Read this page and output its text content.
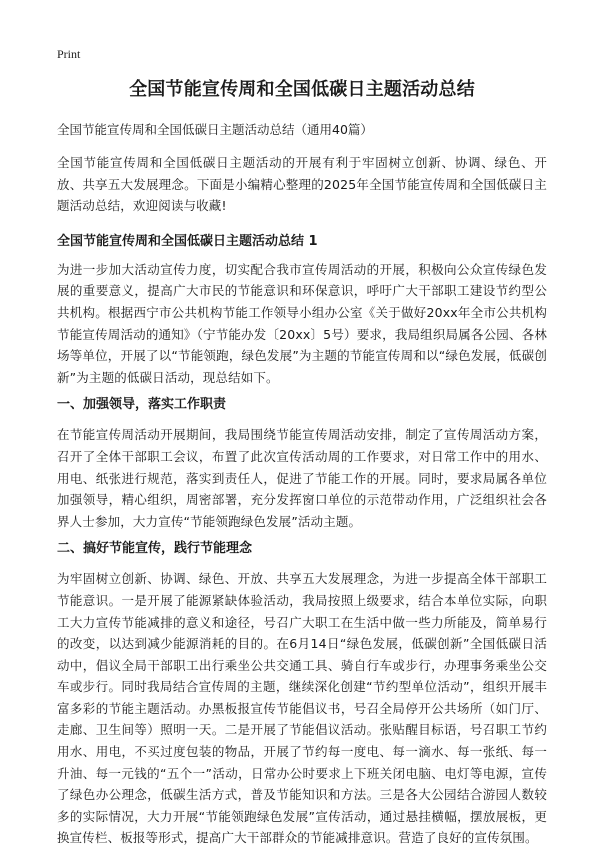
Print
全国节能宣传周和全国低碳日主题活动总结
全国节能宣传周和全国低碳日主题活动总结（通用40篇）

全国节能宣传周和全国低碳日主题活动的开展有利于牢固树立创新、协调、绿色、开放、共享五大发展理念。下面是小编精心整理的2025年全国节能宣传周和全国低碳日主题活动总结，欢迎阅读与收藏!

全国节能宣传周和全国低碳日主题活动总结 1

为进一步加大活动宣传力度，切实配合我市宣传周活动的开展，积极向公众宣传绿色发展的重要意义，提高广大市民的节能意识和环保意识，呼吁广大干部职工建设节约型公共机构。根据西宁市公共机构节能工作领导小组办公室《关于做好20xx年全市公共机构节能宣传周活动的通知》（宁节能办发〔20xx〕5号）要求，我局组织局属各公园、各林场等单位，开展了以“节能领跑，绿色发展”为主题的节能宣传周和以“绿色发展，低碳创新”为主题的低碳日活动，现总结如下。

一、加强领导，落实工作职责

在节能宣传周活动开展期间，我局围绕节能宣传周活动安排，制定了宣传周活动方案，召开了全体干部职工会议，布置了此次宣传活动周的工作要求，对日常工作中的用水、用电、纸张进行规范，落实到责任人，促进了节能工作的开展。同时，要求局属各单位加强领导，精心组织，周密部署，充分发挥窗口单位的示范带动作用，广泛组织社会各界人士参加，大力宣传“节能领跑绿色发展”活动主题。

二、搞好节能宣传，践行节能理念

为牢固树立创新、协调、绿色、开放、共享五大发展理念，为进一步提高全体干部职工节能意识。一是开展了能源紧缺体验活动，我局按照上级要求，结合本单位实际，向职工大力宣传节能减排的意义和途径，号召广大职工在生活中做一些力所能及，简单易行的改变，以达到减少能源消耗的目的。在6月14日“绿色发展，低碳创新”全国低碳日活动中，倡议全局干部职工出行乘坐公共交通工具、骑自行车或步行，办理事务乘坐公交车或步行。同时我局结合宣传周的主题，继续深化创建“节约型单位活动”，组织开展丰富多彩的节能主题活动。办黑板报宣传节能倡议书，号召全局停开公共场所（如门厅、走廊、卫生间等）照明一天。二是开展了节能倡议活动。张贴醒目标语，号召职工节约用水、用电，不买过度包装的物品，开展了节约每一度电、每一滴水、每一张纸、每一升油、每一元钱的“五个一”活动，日常办公时要求上下班关闭电脑、电灯等电源，宣传了绿色办公理念，低碳生活方式，普及节能知识和方法。三是各大公园结合游园人数较多的实际情况，大力开展“节能领跑绿色发展”宣传活动，通过悬挂横幅，摆放展板，更换宣传栏、板报等形式，提高广大干部群众的节能减排意识。营造了良好的宣传氛围。
